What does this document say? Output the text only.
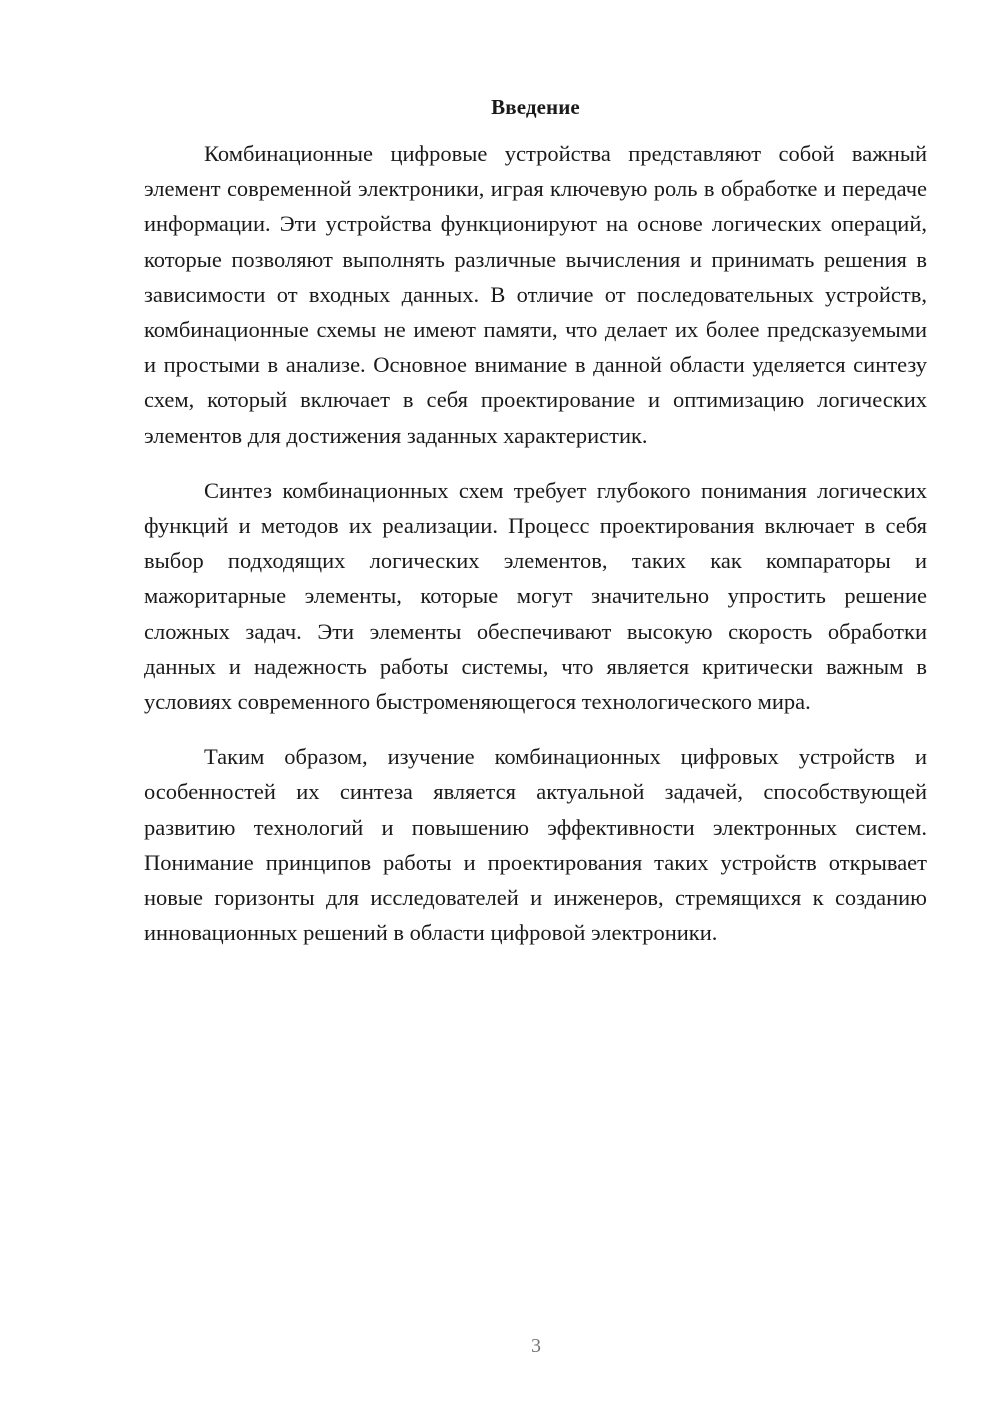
Введение

Комбинационные цифровые устройства представляют собой важный элемент современной электроники, играя ключевую роль в обработке и передаче информации. Эти устройства функционируют на основе логических операций, которые позволяют выполнять различные вычисления и принимать решения в зависимости от входных данных. В отличие от последовательных устройств, комбинационные схемы не имеют памяти, что делает их более предсказуемыми и простыми в анализе. Основное внимание в данной области уделяется синтезу схем, который включает в себя проектирование и оптимизацию логических элементов для достижения заданных характеристик.

Синтез комбинационных схем требует глубокого понимания логических функций и методов их реализации. Процесс проектирования включает в себя выбор подходящих логических элементов, таких как компараторы и мажоритарные элементы, которые могут значительно упростить решение сложных задач. Эти элементы обеспечивают высокую скорость обработки данных и надежность работы системы, что является критически важным в условиях современного быстроменяющегося технологического мира.

Таким образом, изучение комбинационных цифровых устройств и особенностей их синтеза является актуальной задачей, способствующей развитию технологий и повышению эффективности электронных систем. Понимание принципов работы и проектирования таких устройств открывает новые горизонты для исследователей и инженеров, стремящихся к созданию инновационных решений в области цифровой электроники.

3
